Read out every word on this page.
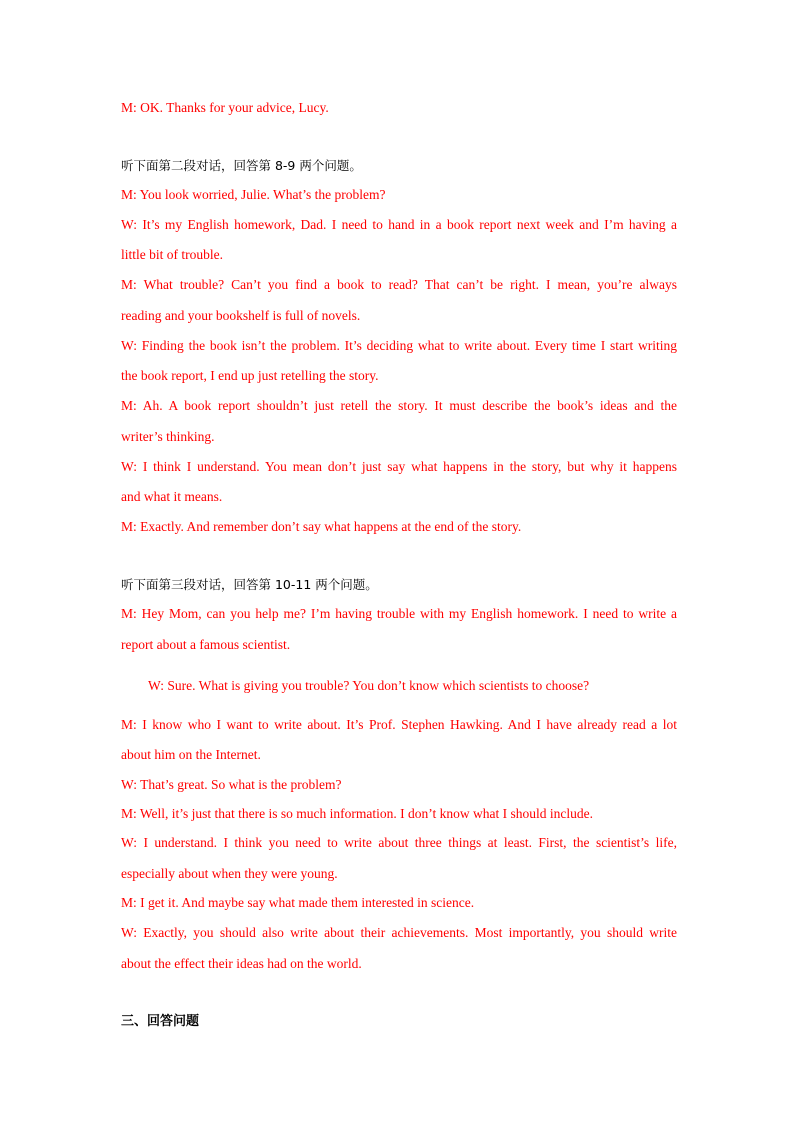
M: OK. Thanks for your advice, Lucy.

听下面第二段对话，回答第 8-9 两个问题。

M: You look worried, Julie. What’s the problem?

W: It’s my English homework, Dad. I need to hand in a book report next week and I’m having a

little bit of trouble.

M: What trouble? Can’t you find a book to read? That can’t be right. I mean, you’re always

reading and your bookshelf is full of novels.

W: Finding the book isn’t the problem. It’s deciding what to write about. Every time I start writing

the book report, I end up just retelling the story.

M: Ah. A book report shouldn’t just retell the story. It must describe the book’s ideas and the

writer’s thinking.

W: I think I understand. You mean don’t just say what happens in the story, but why it happens

and what it means.

M: Exactly. And remember don’t say what happens at the end of the story.

听下面第三段对话，回答第 10-11 两个问题。

M: Hey Mom, can you help me? I’m having trouble with my English homework. I need to write a

report about a famous scientist.

W: Sure. What is giving you trouble? You don’t know which scientists to choose?

M: I know who I want to write about. It’s Prof. Stephen Hawking. And I have already read a lot

about him on the Internet.

W: That’s great. So what is the problem?

M: Well, it’s just that there is so much information. I don’t know what I should include.

W: I understand. I think you need to write about three things at least. First, the scientist’s life,

especially about when they were young.

M: I get it. And maybe say what made them interested in science.

W: Exactly, you should also write about their achievements. Most importantly, you should write

about the effect their ideas had on the world.

三、回答问题
